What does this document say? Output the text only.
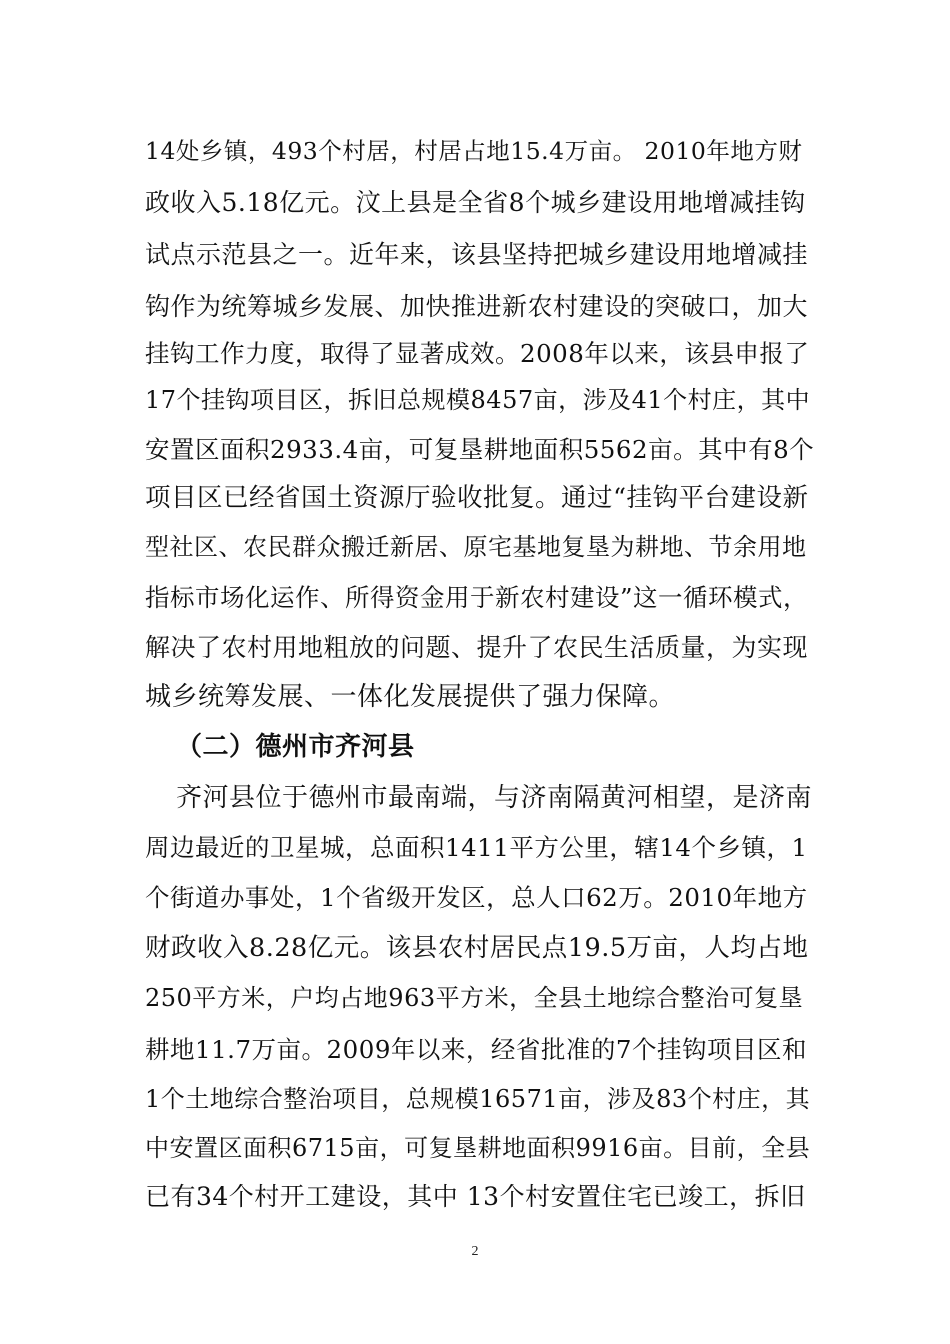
14处乡镇，493个村居，村居占地15.4万亩。 2010年地方财
政收入5.18亿元。汶上县是全省8个城乡建设用地增减挂钩
试点示范县之一。近年来，该县坚持把城乡建设用地增减挂
钩作为统筹城乡发展、加快推进新农村建设的突破口，加大
挂钩工作力度，取得了显著成效。2008年以来，该县申报了
17个挂钩项目区，拆旧总规模8457亩，涉及41个村庄，其中
安置区面积2933.4亩，可复垦耕地面积5562亩。其中有8个
项目区已经省国土资源厅验收批复。通过“挂钩平台建设新
型社区、农民群众搬迁新居、原宅基地复垦为耕地、节余用地
指标市场化运作、所得资金用于新农村建设”这一循环模式，
解决了农村用地粗放的问题、提升了农民生活质量，为实现
城乡统筹发展、一体化发展提供了强力保障。
（二）德州市齐河县
齐河县位于德州市最南端，与济南隔黄河相望，是济南
周边最近的卫星城，总面积1411平方公里，辖14个乡镇，1
个街道办事处，1个省级开发区，总人口62万。2010年地方
财政收入8.28亿元。该县农村居民点19.5万亩，人均占地
250平方米，户均占地963平方米，全县土地综合整治可复垦
耕地11.7万亩。2009年以来，经省批准的7个挂钩项目区和
1个土地综合整治项目，总规模16571亩，涉及83个村庄，其
中安置区面积6715亩，可复垦耕地面积9916亩。目前，全县
已有34个村开工建设，其中 13个村安置住宅已竣工，拆旧
2
